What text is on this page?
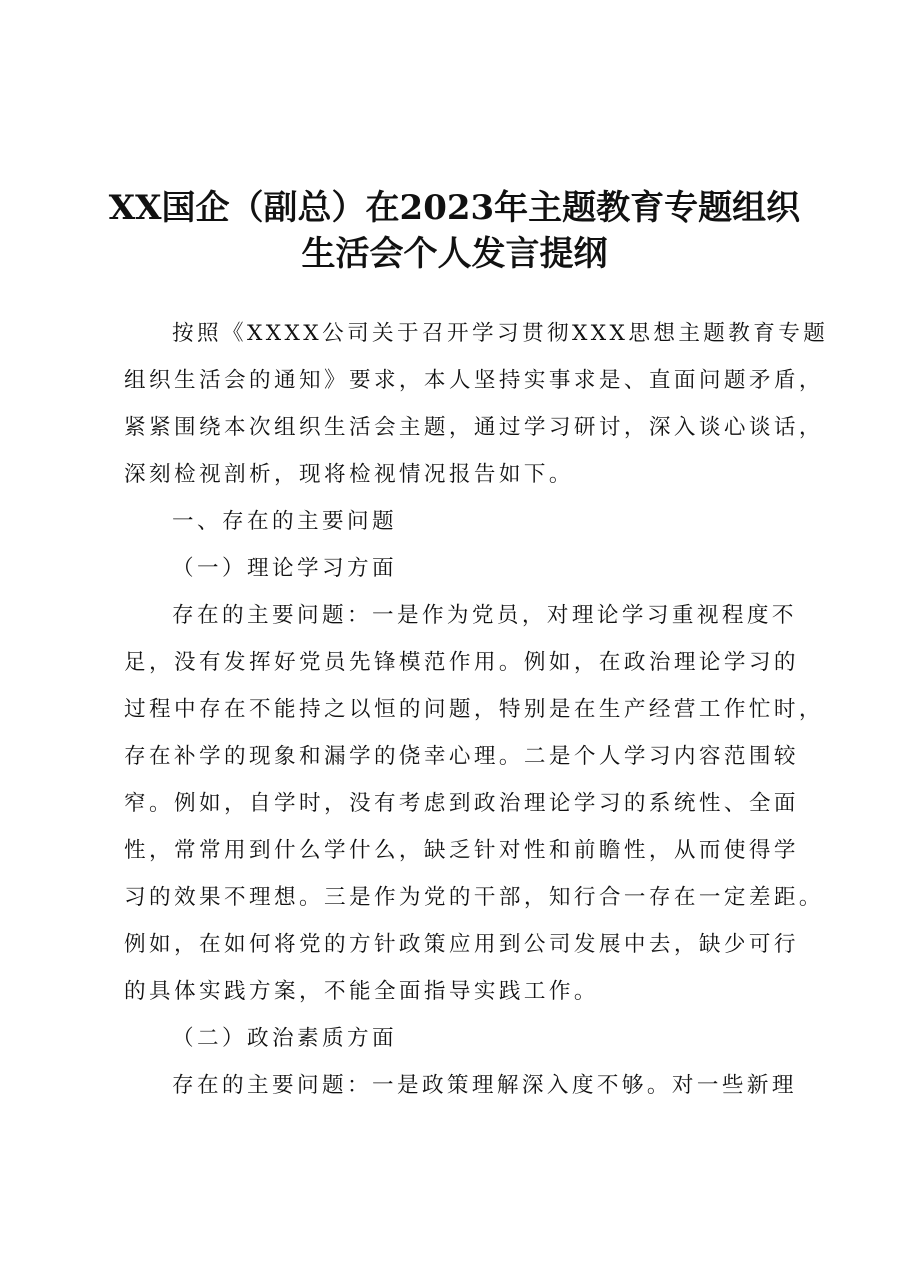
XX国企（副总）在2023年主题教育专题组织
生活会个人发言提纲
按照《XXXX公司关于召开学习贯彻XXX思想主题教育专题
组织生活会的通知》要求，本人坚持实事求是、直面问题矛盾，
紧紧围绕本次组织生活会主题，通过学习研讨，深入谈心谈话，
深刻检视剖析，现将检视情况报告如下。
一、存在的主要问题
（一）理论学习方面
存在的主要问题：一是作为党员，对理论学习重视程度不
足，没有发挥好党员先锋模范作用。例如，在政治理论学习的
过程中存在不能持之以恒的问题，特别是在生产经营工作忙时，
存在补学的现象和漏学的侥幸心理。二是个人学习内容范围较
窄。例如，自学时，没有考虑到政治理论学习的系统性、全面
性，常常用到什么学什么，缺乏针对性和前瞻性，从而使得学
习的效果不理想。三是作为党的干部，知行合一存在一定差距。
例如，在如何将党的方针政策应用到公司发展中去，缺少可行
的具体实践方案，不能全面指导实践工作。
（二）政治素质方面
存在的主要问题：一是政策理解深入度不够。对一些新理
